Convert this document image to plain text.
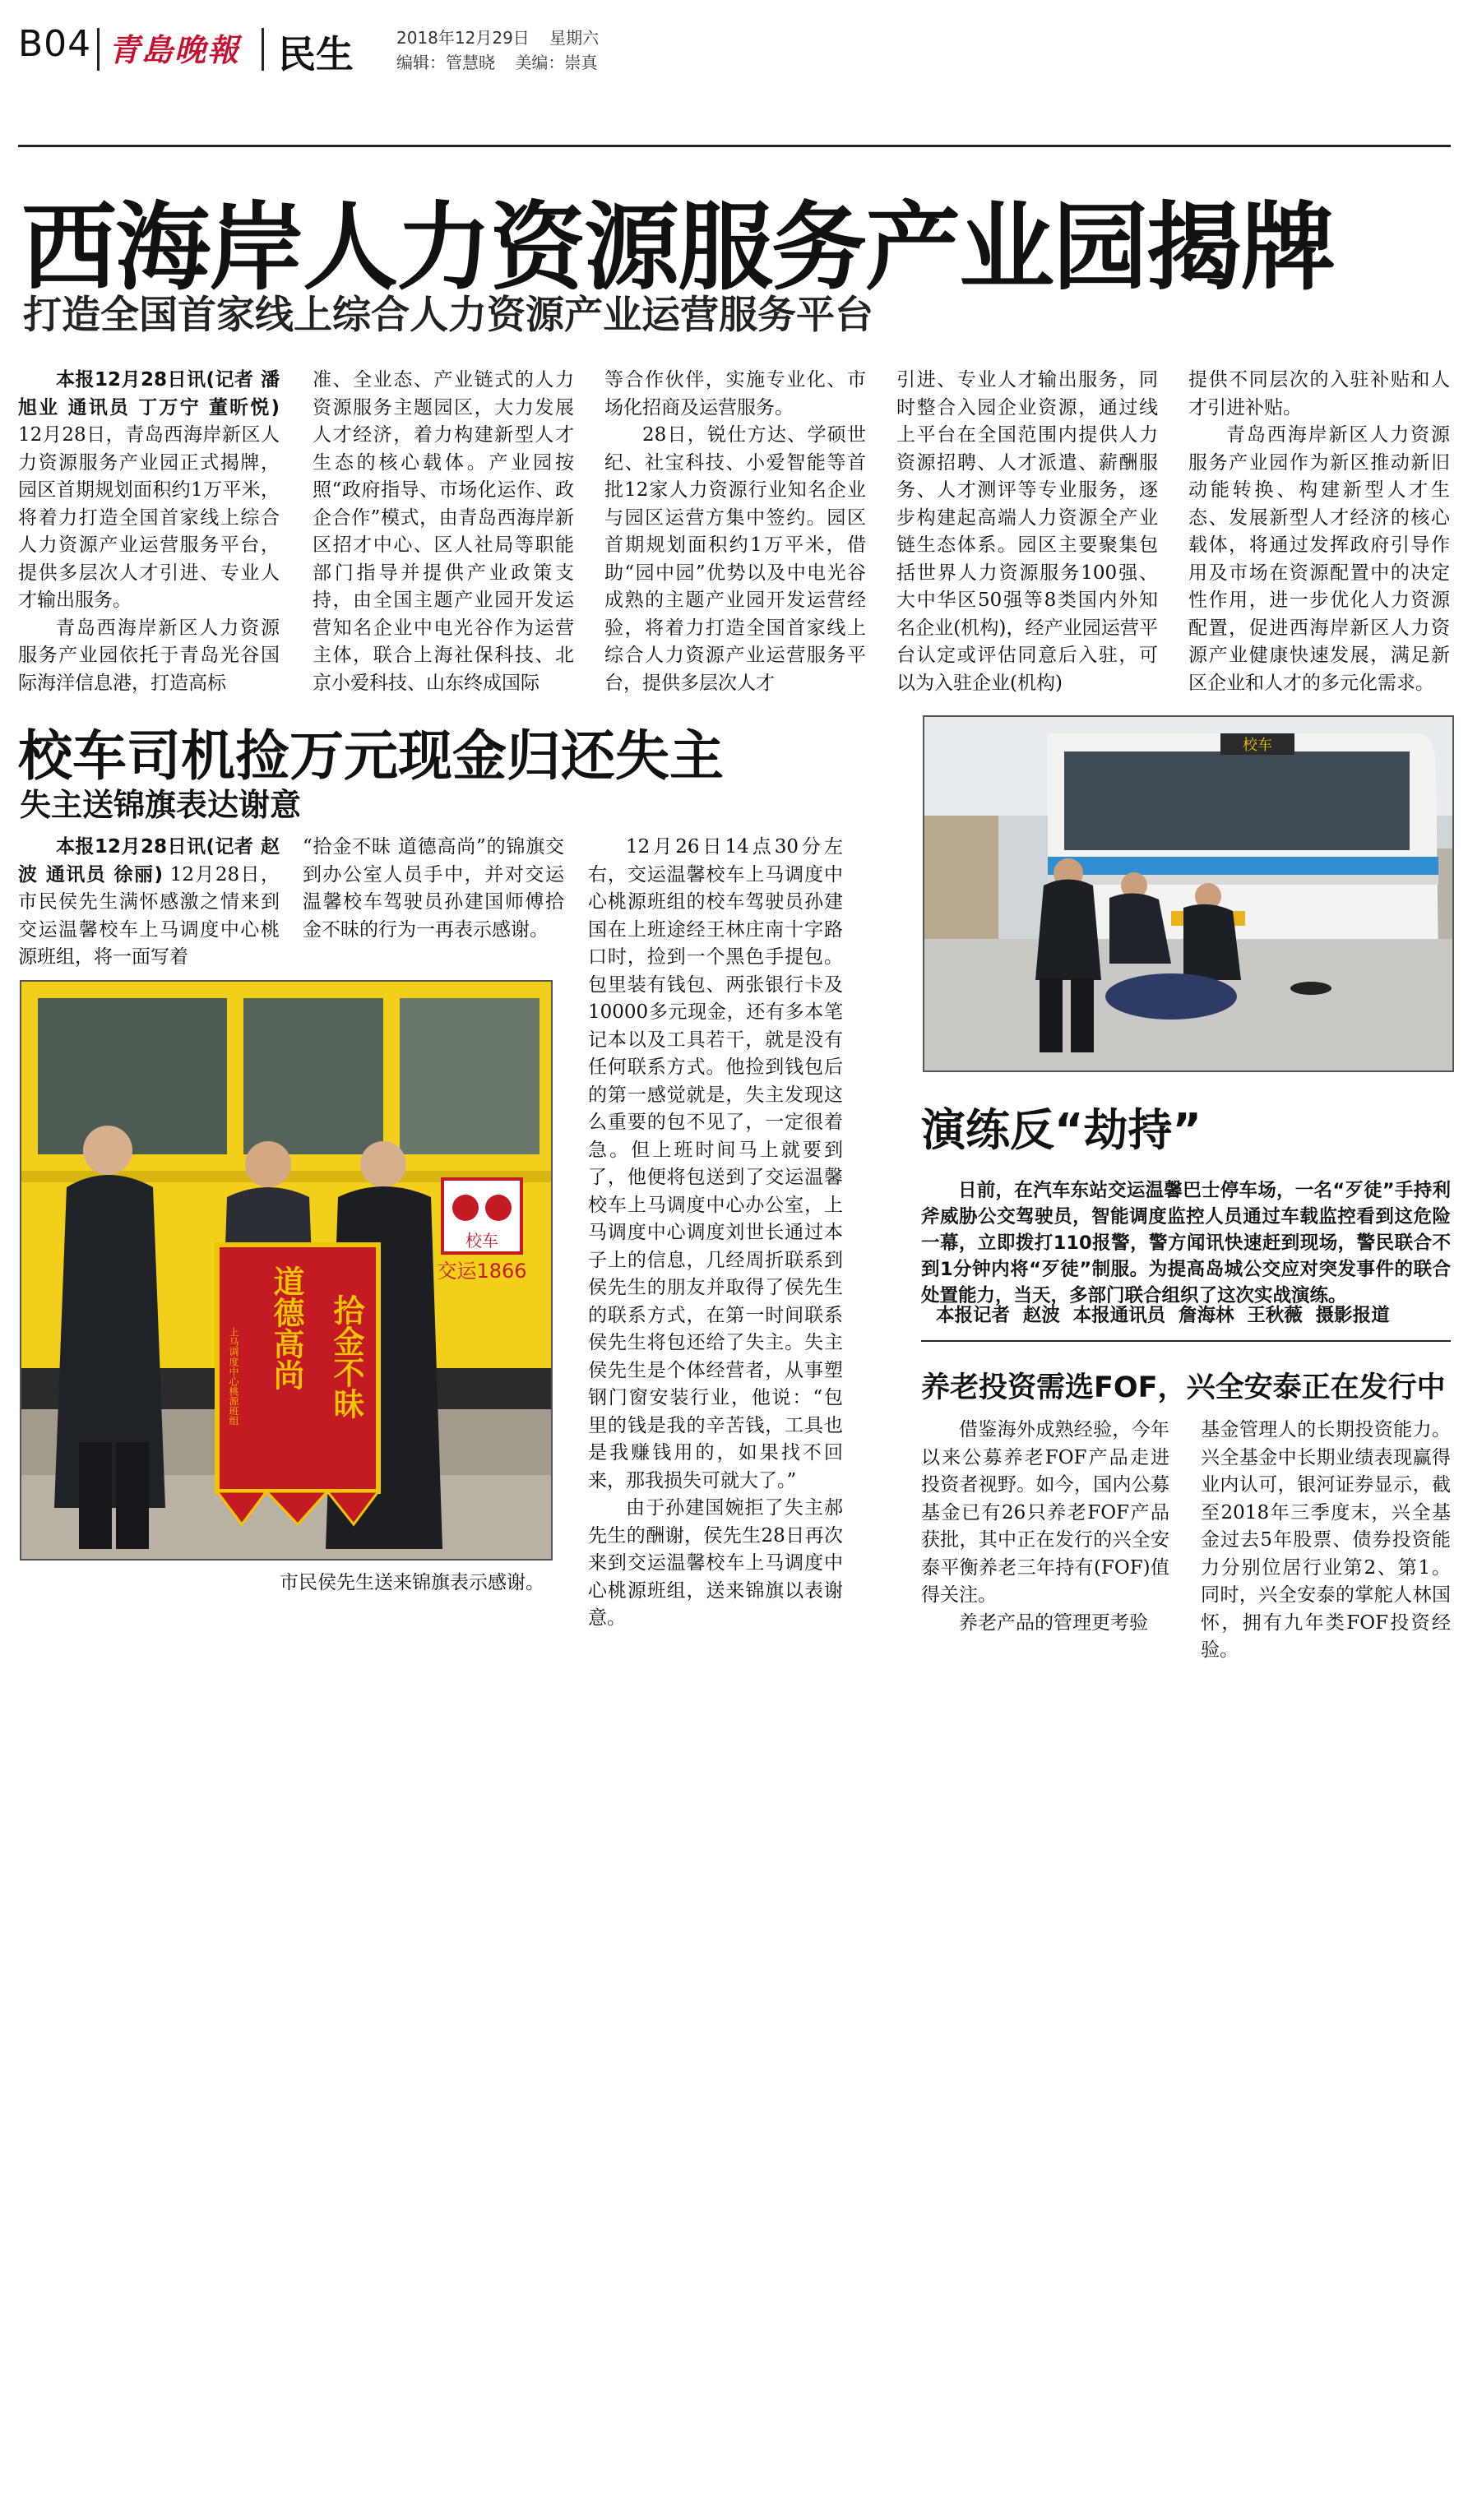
B04 青島晚報 民生	2018年12月29日 星期六
编辑：管慧晓 美编：崇真
西海岸人力资源服务产业园揭牌
打造全国首家线上综合人力资源产业运营服务平台

本报12月28日讯(记者 潘旭业 通讯员 丁万宁 董昕悦) 12月28日，青岛西海岸新区人力资源服务产业园正式揭牌，园区首期规划面积约1万平米，将着力打造全国首家线上综合人力资源产业运营服务平台，提供多层次人才引进、专业人才输出服务。

青岛西海岸新区人力资源服务产业园依托于青岛光谷国际海洋信息港，打造高标

准、全业态、产业链式的人力资源服务主题园区，大力发展人才经济，着力构建新型人才生态的核心载体。产业园按照“政府指导、市场化运作、政企合作”模式，由青岛西海岸新区招才中心、区人社局等职能部门指导并提供产业政策支持，由全国主题产业园开发运营知名企业中电光谷作为运营主体，联合上海社保科技、北京小爱科技、山东终成国际

等合作伙伴，实施专业化、市场化招商及运营服务。

28日，锐仕方达、学硕世纪、社宝科技、小爱智能等首批12家人力资源行业知名企业与园区运营方集中签约。园区首期规划面积约1万平米，借助“园中园”优势以及中电光谷成熟的主题产业园开发运营经验，将着力打造全国首家线上综合人力资源产业运营服务平台，提供多层次人才

引进、专业人才输出服务，同时整合入园企业资源，通过线上平台在全国范围内提供人力资源招聘、人才派遣、薪酬服务、人才测评等专业服务，逐步构建起高端人力资源全产业链生态体系。园区主要聚集包括世界人力资源服务100强、大中华区50强等8类国内外知名企业(机构)，经产业园运营平台认定或评估同意后入驻，可以为入驻企业(机构)

提供不同层次的入驻补贴和人才引进补贴。

青岛西海岸新区人力资源服务产业园作为新区推动新旧动能转换、构建新型人才生态、发展新型人才经济的核心载体，将通过发挥政府引导作用及市场在资源配置中的决定性作用，进一步优化人力资源配置，促进西海岸新区人力资源产业健康快速发展，满足新区企业和人才的多元化需求。

校车司机捡万元现金归还失主
失主送锦旗表达谢意

本报12月28日讯(记者 赵波 通讯员 徐丽) 12月28日，市民侯先生满怀感激之情来到交运温馨校车上马调度中心桃源班组，将一面写着

“拾金不昧 道德高尚”的锦旗交到办公室人员手中，并对交运温馨校车驾驶员孙建国师傅拾金不昧的行为一再表示感谢。

12月26日14点30分左右，交运温馨校车上马调度中心桃源班组的校车驾驶员孙建国在上班途经王林庄南十字路口时，捡到一个黑色手提包。包里装有钱包、两张银行卡及10000多元现金，还有多本笔记本以及工具若干，就是没有任何联系方式。他捡到钱包后的第一感觉就是，失主发现这么重要的包不见了，一定很着急。但上班时间马上就要到了，他便将包送到了交运温馨校车上马调度中心办公室，上马调度中心调度刘世长通过本子上的信息，几经周折联系到侯先生的朋友并取得了侯先生的联系方式，在第一时间联系侯先生将包还给了失主。失主侯先生是个体经营者，从事塑钢门窗安装行业，他说：“包里的钱是我的辛苦钱，工具也是我赚钱用的，如果找不回来，那我损失可就大了。”

由于孙建国婉拒了失主郝先生的酬谢，侯先生28日再次来到交运温馨校车上马调度中心桃源班组，送来锦旗以表谢意。

校车
交运1866
拾金不昧
道德高尚
上马调度中心桃源班组
市民侯先生送来锦旗表示感谢。
校车
演练反“劫持”

日前，在汽车东站交运温馨巴士停车场，一名“歹徒”手持利斧威胁公交驾驶员，智能调度监控人员通过车载监控看到这危险一幕，立即拨打110报警，警方闻讯快速赶到现场，警民联合不到1分钟内将“歹徒”制服。为提高岛城公交应对突发事件的联合处置能力，当天，多部门联合组织了这次实战演练。

本报记者 赵波 本报通讯员 詹海林 王秋薇 摄影报道
养老投资需选FOF，兴全安泰正在发行中

借鉴海外成熟经验，今年以来公募养老FOF产品走进投资者视野。如今，国内公募基金已有26只养老FOF产品获批，其中正在发行的兴全安泰平衡养老三年持有(FOF)值得关注。

养老产品的管理更考验

基金管理人的长期投资能力。兴全基金中长期业绩表现赢得业内认可，银河证券显示，截至2018年三季度末，兴全基金过去5年股票、债券投资能力分别位居行业第2、第1。同时，兴全安泰的掌舵人林国怀，拥有九年类FOF投资经验。
